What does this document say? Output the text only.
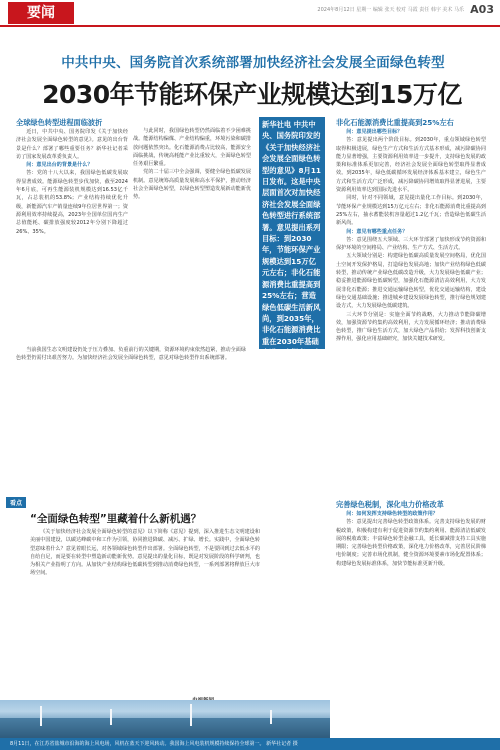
要闻	2024年8月12日 星期一 编辑 张天 校对 马霞 责任 韩宇 美术 马乐 A03
中共中央、国务院首次系统部署加快经济社会发展全面绿色转型
2030年节能环保产业规模达到15万亿
全球绿色转型进程面临波折

近日，中共中央、国务院印发《关于加快经济社会发展全面绿色转型的意见》。意见的出台背景是什么？部署了哪些重要任务？新华社记者采访了国家发展改革委负责人。

问：意见出台的背景是什么？

答：党的十八大以来，我国绿色低碳发展取得显著成效。能源绿色转型步伐加快，截至2024年6月底，可再生能源装机规模达到16.53亿千瓦，占总装机的53.8%；产业结构持续优化升级，新能源汽车产销量连续9年位居世界第一；资源利用效率持续提高，2023年全国单位国内生产总值能耗、碳排放强度较2012年分别下降超过26%、35%。

当前我国生态文明建设仍处于压力叠加、负重前行的关键期，资源环境约束依然趋紧，推动全面绿色转型仍需付出艰苦努力。为加快经济社会发展全面绿色转型，意见对绿色转型作出系统部署。

与此同时，我国绿色转型仍然面临着不少困难挑战。能源结构偏煤、产业结构偏重，环境污染和碳排放问题依然突出。化石能源消费占比较高，能源安全面临挑战，传统高耗能产业比重较大，全面绿色转型任务艰巨繁重。

党的二十届三中全会强调，要健全绿色低碳发展机制。意见统筹高质量发展和高水平保护，推动经济社会全面绿色转型，以绿色转型塑造发展新动能新优势。

新华社电 中共中央、国务院印发的《关于加快经济社会发展全面绿色转型的意见》8月11日发布。这是中央层面首次对加快经济社会发展全面绿色转型进行系统部署。意见提出系列目标：到2030年，节能环保产业规模达到15万亿元左右；非化石能源消费比重提高到25%左右；营造绿色低碳生活新风尚，到2035年，非化石能源消费比重在2030年基础上进一步提高；大宗固体废弃物年利用量达到45亿吨左右。意见围绕构建绿色低碳高质量发展空间格局、加快产业结构绿色低碳转型、稳妥推进能源绿色低碳转型、推进交通运输绿色转型、推进城乡建设发展绿色转型等5大领域，以及推动全面节约战略、推进消费绿色转型、发挥科技创新支撑作用等3大环节，部署加快形成节约资源和保护环境的空间格局、产业结构、生产方式、生活方式。
非化石能源消费比重提高到25%左右

问：意见提出哪些目标？

答：意见提出两个阶段目标。到2030年，重点领域绿色转型取得积极进展，绿色生产方式和生活方式基本形成，减污降碳协同能力显著增强，主要资源利用效率进一步提升，支持绿色发展的政策和标准体系更加完善，经济社会发展全面绿色转型取得显著成效。到2035年，绿色低碳循环发展经济体系基本建立，绿色生产方式和生活方式广泛形成，减污降碳协同增效取得显著进展，主要资源利用效率达到国际先进水平。

同时，针对不同领域，意见提出量化工作目标。到2030年，节能环保产业规模达到15万亿元左右；非化石能源消费比重提高到25%左右，抽水蓄能装机容量超过1.2亿千瓦；营造绿色低碳生活新风尚。

问：意见有哪些重点任务？

答：意见围绕五大领域、三大环节部署了加快形成节约资源和保护环境的空间格局、产业结构、生产方式、生活方式。

五大领域分别是：构建绿色低碳高质量发展空间格局，优化国土空间开发保护格局，打造绿色发展高地；加快产业结构绿色低碳转型，推动传统产业绿色低碳改造升级，大力发展绿色低碳产业；稳妥推进能源绿色低碳转型，加强化石能源清洁高效利用，大力发展非化石能源；推进交通运输绿色转型，优化交通运输结构，建设绿色交通基础设施；推进城乡建设发展绿色转型，推行绿色规划建设方式，大力发展绿色低碳建筑。

三大环节分别是：实施全面节约战略，大力推动节能降碳增效，加强资源节约集约高效利用，大力发展循环经济；推动消费绿色转型，推广绿色生活方式，加大绿色产品供给；发挥科技创新支撑作用，强化应用基础研究，加快关键技术研发。

完善绿色税制，深化电力价格改革

问：如何发挥支持绿色转型的政策作用？

答：意见提出完善绿色转型政策体系。完善支持绿色发展的财税政策，积极构建有利于促进资源节约集约利用、能源清洁低碳发展的税收政策；丰富绿色转型金融工具，延长碳减排支持工具实施期限；完善绿色转型价格政策，深化电力价格改革，完善居民阶梯电价制度；完善市场化机制，健全资源环境要素市场化配置体系；构建绿色发展标准体系，加快节能标准更新升级。

看点
“全面绿色转型”里藏着什么新机遇？

《关于加快经济社会发展全面绿色转型的意见》以下简称《意见》提到，深入推进生态文明建设和美丽中国建设，以碳达峰碳中和工作为引领，协同推进降碳、减污、扩绿、增长。实践中，全面绿色转型意味着什么？意见着眼长远，对各领域绿色转型作出部署。全面绿色转型，不是要回到过去低水平的自给自足，而是要在转型中塑造新动能新优势。意见提出的量化目标，既是对发展阶段的科学研判，也为相关产业指明了方向。从加快产业结构绿色低碳转型到推动消费绿色转型，一系列部署将释放巨大市场空间。

8月11日，在江苏省盐城市沿海的海上风电场，风机在蓝天下迎风转动。我国海上风电装机规模持续保持全球第一。 新华社记者 摄
